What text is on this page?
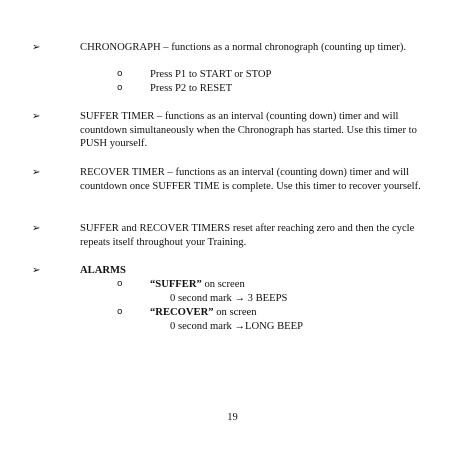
➢	CHRONOGRAPH – functions as a normal chronograph (counting up timer).
o	Press P1 to START or STOP
o	Press P2 to RESET
➢	SUFFER TIMER – functions as an interval (counting down) timer and will countdown simultaneously when the Chronograph has started. Use this timer to PUSH yourself.
➢	RECOVER TIMER – functions as an interval (counting down) timer and will countdown once SUFFER TIME is complete. Use this timer to recover yourself.
➢	SUFFER and RECOVER TIMERS reset after reaching zero and then the cycle repeats itself throughout your Training.
➢	ALARMS
o	“SUFFER” on screen
0 second mark → 3 BEEPS
o	“RECOVER” on screen
0 second mark →LONG BEEP
19
